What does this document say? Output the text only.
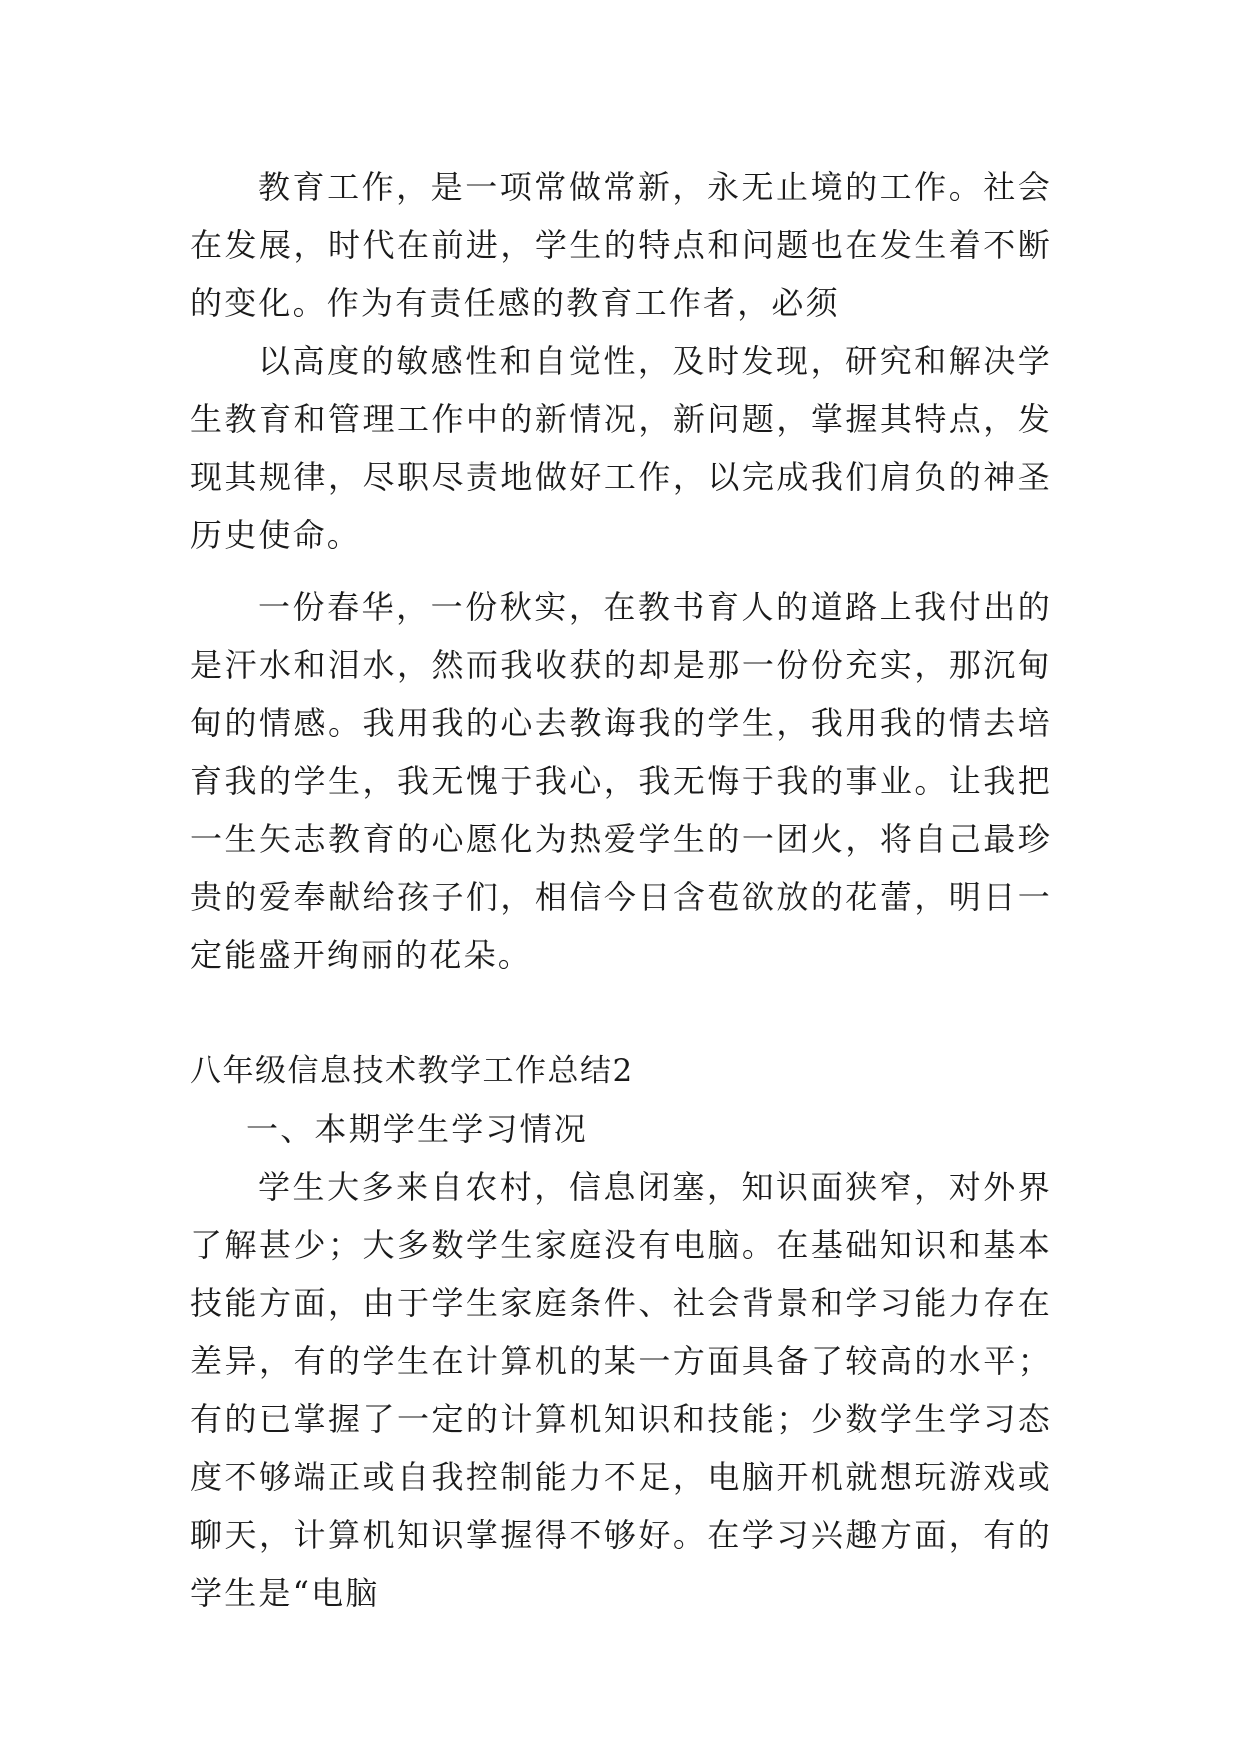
教育工作，是一项常做常新，永无止境的工作。社会在发展，时代在前进，学生的特点和问题也在发生着不断的变化。作为有责任感的教育工作者，必须

以高度的敏感性和自觉性，及时发现，研究和解决学生教育和管理工作中的新情况，新问题，掌握其特点，发现其规律，尽职尽责地做好工作，以完成我们肩负的神圣历史使命。

一份春华，一份秋实，在教书育人的道路上我付出的是汗水和泪水，然而我收获的却是那一份份充实，那沉甸甸的情感。我用我的心去教诲我的学生，我用我的情去培育我的学生，我无愧于我心，我无悔于我的事业。让我把一生矢志教育的心愿化为热爱学生的一团火，将自己最珍贵的爱奉献给孩子们，相信今日含苞欲放的花蕾，明日一定能盛开绚丽的花朵。

八年级信息技术教学工作总结2

一、本期学生学习情况

学生大多来自农村，信息闭塞，知识面狭窄，对外界了解甚少；大多数学生家庭没有电脑。在基础知识和基本技能方面，由于学生家庭条件、社会背景和学习能力存在差异，有的学生在计算机的某一方面具备了较高的水平；有的已掌握了一定的计算机知识和技能；少数学生学习态度不够端正或自我控制能力不足，电脑开机就想玩游戏或聊天，计算机知识掌握得不够好。在学习兴趣方面，有的学生是“电脑
